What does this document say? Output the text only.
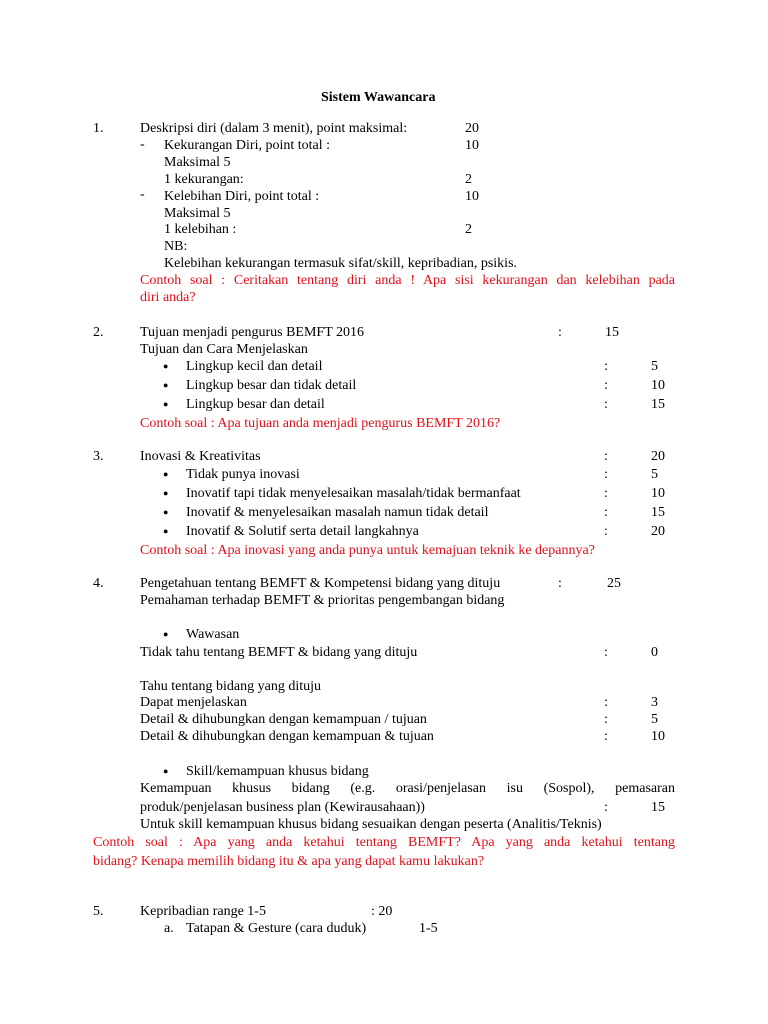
Sistem Wawancara
1.	Deskripsi diri (dalam 3 menit), point maksimal:	20
- Kekurangan Diri, point total :	10
Maksimal 5
1 kekurangan:	2
- Kelebihan Diri, point total :	10
Maksimal 5
1 kelebihan :	2
NB:
Kelebihan kekurangan termasuk sifat/skill, kepribadian, psikis.
Contoh soal : Ceritakan tentang diri anda ! Apa sisi kekurangan dan kelebihan pada
diri anda?
2.	Tujuan menjadi pengurus BEMFT 2016	:	15
Tujuan dan Cara Menjelaskan
● Lingkup kecil dan detail	:	5
● Lingkup besar dan tidak detail	:	10
● Lingkup besar dan detail	:	15
Contoh soal : Apa tujuan anda menjadi pengurus BEMFT 2016?
3.	Inovasi & Kreativitas	:	20
● Tidak punya inovasi	:	5
● Inovatif tapi tidak menyelesaikan masalah/tidak bermanfaat	:	10
● Inovatif & menyelesaikan masalah namun tidak detail	:	15
● Inovatif & Solutif serta detail langkahnya	:	20
Contoh soal : Apa inovasi yang anda punya untuk kemajuan teknik ke depannya?
4.	Pengetahuan tentang BEMFT & Kompetensi bidang yang dituju	:	25
Pemahaman terhadap BEMFT & prioritas pengembangan bidang
● Wawasan
Tidak tahu tentang BEMFT & bidang yang dituju	:	0
Tahu tentang bidang yang dituju
Dapat menjelaskan	:	3
Detail & dihubungkan dengan kemampuan / tujuan	:	5
Detail & dihubungkan dengan kemampuan & tujuan	:	10
● Skill/kemampuan khusus bidang
Kemampuan khusus bidang (e.g. orasi/penjelasan isu (Sospol), pemasaran
produk/penjelasan business plan (Kewirausahaan))	:	15
Untuk skill kemampuan khusus bidang sesuaikan dengan peserta (Analitis/Teknis)
Contoh soal : Apa yang anda ketahui tentang BEMFT? Apa yang anda ketahui tentang
bidang? Kenapa memilih bidang itu & apa yang dapat kamu lakukan?
5.	Kepribadian range 1-5	: 20
a. Tatapan & Gesture (cara duduk)	1-5
